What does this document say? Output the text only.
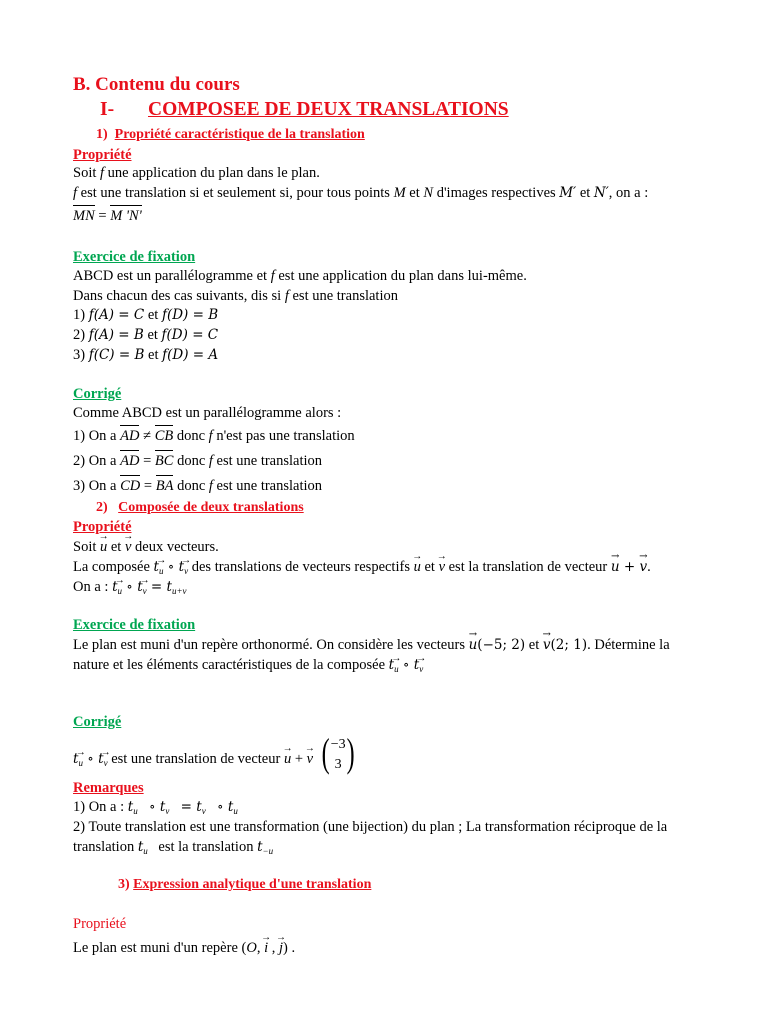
B. Contenu du cours
I- COMPOSEE DE DEUX TRANSLATIONS
1) Propriété caractéristique de la translation
Propriété
Soit f une application du plan dans le plan.
f est une translation si et seulement si, pour tous points M et N d'images respectives M′ et N′, on a :
MN = M 'N'
Exercice de fixation
ABCD est un parallélogramme et f est une application du plan dans lui-même.
Dans chacun des cas suivants, dis si f est une translation
1) f(A) = C et f(D) = B
2) f(A) = B et f(D) = C
3) f(C) = B et f(D) = A
Corrigé
Comme ABCD est un parallélogramme alors :
1) On a AD ≠ CB donc f n'est pas une translation
2) On a AD = BC donc f est une translation
3) On a CD = BA donc f est une translation
2) Composée de deux translations
Propriété
Soit → u et → v deux vecteurs.
La composée t→ u ∘ t→ v des translations de vecteurs respectifs → u et → v est la translation de vecteur → u + → v.
On a : t→ u ∘ $t\to v = t_{u+v}$
Exercice de fixation
Le plan est muni d'un repère orthonormé. On considère les vecteurs → u(−5; 2) et → v(2; 1). Détermine la
nature et les éléments caractéristiques de la composée t→ u ∘ t→ v
Corrigé
t→ u ∘ t→ v est une translation de vecteur → u + → v ( −3
3 )
Remarques
1) On a : $t_{u⃗}$ ∘ $t_{v⃗} = t_{v⃗}$ ∘ $t_{u⃗}$
2) Toute translation est une transformation (une bijection) du plan ; La transformation réciproque de la
translation $t_{u⃗}$ est la translation $t_{-u}$
3) Expression analytique d'une translation
Propriété
Le plan est muni d'un repère (O, → i , → j) .
